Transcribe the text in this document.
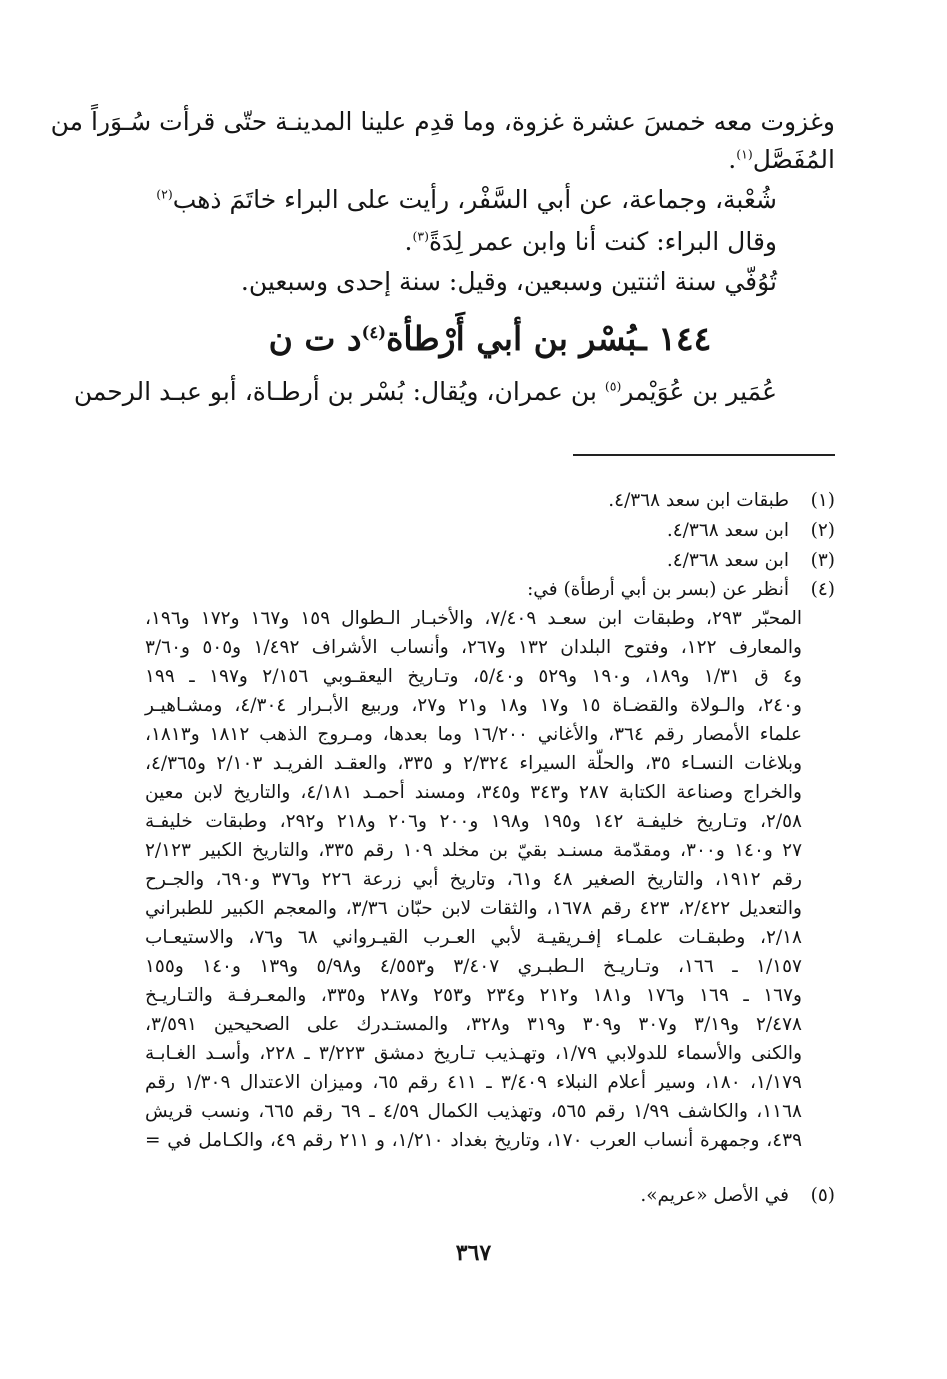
وغزوت معه خمسَ عشرة غزوة، وما قدِم علينا المدينـة حتّى قرأت سُـوَراً من

المُفَصَّل$^{(١)}$.

شُعْبة، وجماعة، عن أبي السَّفْر، رأيت على البراء خاتَمَ ذهب$^{(٢)}$

وقال البراء: كنت أنا وابن عمر لِدَةً$^{(٣)}$.

تُوُفّي سنة اثنتين وسبعين، وقيل: سنة إحدى وسبعين.

١٤٤ ـبُسْر بن أبي أَرْطأة$^{(٤)}$د ت ن

عُمَير بن عُوَيْمر$^{(٥)}$ بن عمران، ويُقال: بُسْر بن أرطـاة، أبو عبـد الرحمن

(١)
طبقات ابن سعد ٤/٣٦٨.
(٢)
ابن سعد ٤/٣٦٨.
(٣)
ابن سعد ٤/٣٦٨.
(٤)
أنظر عن (بسر بن أبي أرطأة) في:
المحبّر ٢٩٣، وطبقات ابن سعـد ٧/٤٠٩، والأخبـار الـطوال ١٥٩ و١٦٧ و١٧٢ و١٩٦،
والمعارف ١٢٢، وفتوح البلدان ١٣٢ و٢٦٧، وأنساب الأشراف ١/٤٩٢ و٥٠٥ و٣/٦٠
و٤ ق ١/٣١ و١٨٩، و١٩٠ و٥٢٩ و٥/٤٠، وتـاريخ اليعقـوبي ٢/١٥٦ و١٩٧ ـ ١٩٩
و٢٤٠، والـولاة والقضـاة ١٥ و١٧ و١٨ و٢١ و٢٧، وربيع الأبـرار ٤/٣٠٤، ومشـاهيـر
علماء الأمصار رقم ٣٦٤، والأغاني ١٦/٢٠٠ وما بعدها، ومـروج الذهب ١٨١٢ و١٨١٣،
وبلاغات النسـاء ٣٥، والحلّة السيراء ٢/٣٢٤ و ٣٣٥، والعقـد الفريـد ٢/١٠٣ و٤/٣٦٥،
والخراج وصناعة الكتابة ٢٨٧ و٣٤٣ و٣٤٥، ومسند أحمـد ٤/١٨١، والتاريخ لابن معين
٢/٥٨، وتـاريخ خليفـة ١٤٢ و١٩٥ و١٩٨ و٢٠٠ و٢٠٦ و٢١٨ و٢٩٢، وطبقات خليفـة
٢٧ و١٤٠ و٣٠٠، ومقدّمة مسنـد بقيّ بن مخلد ١٠٩ رقم ٣٣٥، والتاريخ الكبير ٢/١٢٣
رقم ١٩١٢، والتاريخ الصغير ٤٨ و٦١، وتاريخ أبي زرعة ٢٢٦ و٣٧٦ و٦٩٠، والجـرح
والتعديل ٢/٤٢٢، ٤٢٣ رقم ١٦٧٨، والثقات لابن حبّان ٣/٣٦، والمعجم الكبير للطبراني
٢/١٨، وطبقـات علمـاء إفـريقيـة لأبي العـرب القيـرواني ٦٨ و٧٦، والاستيعـاب
١/١٥٧ ـ ١٦٦، وتـاريـخ الـطبـري ٣/٤٠٧ و٤/٥٥٣ و٥/٩٨ و١٣٩ و١٤٠ و١٥٥
و١٦٧ ـ ١٦٩ و١٧٦ و١٨١ و٢١٢ و٢٣٤ و٢٥٣ و٢٨٧ و٣٣٥، والمعـرفـة والتـاريـخ
٢/٤٧٨ و٣/١٩ و٣٠٧ و٣٠٩ و٣١٩ و٣٢٨، والمستـدرك على الصحيحين ٣/٥٩١،
والكنى والأسماء للدولابي ١/٧٩، وتهـذيب تـاريخ دمشق ٣/٢٢٣ ـ ٢٢٨، وأسـد الغـابـة
١/١٧٩، ١٨٠، وسير أعلام النبلاء ٣/٤٠٩ ـ ٤١١ رقم ٦٥، وميزان الاعتدال ١/٣٠٩ رقم
١١٦٨، والكاشف ١/٩٩ رقم ٥٦٥، وتهذيب الكمال ٤/٥٩ ـ ٦٩ رقم ٦٦٥، ونسب قريش
٤٣٩، وجمهرة أنساب العرب ١٧٠، وتاريخ بغداد ١/٢١٠، و ٢١١ رقم ٤٩، والكـامل في =
(٥)
في الأصل «عريم».
٣٦٧
